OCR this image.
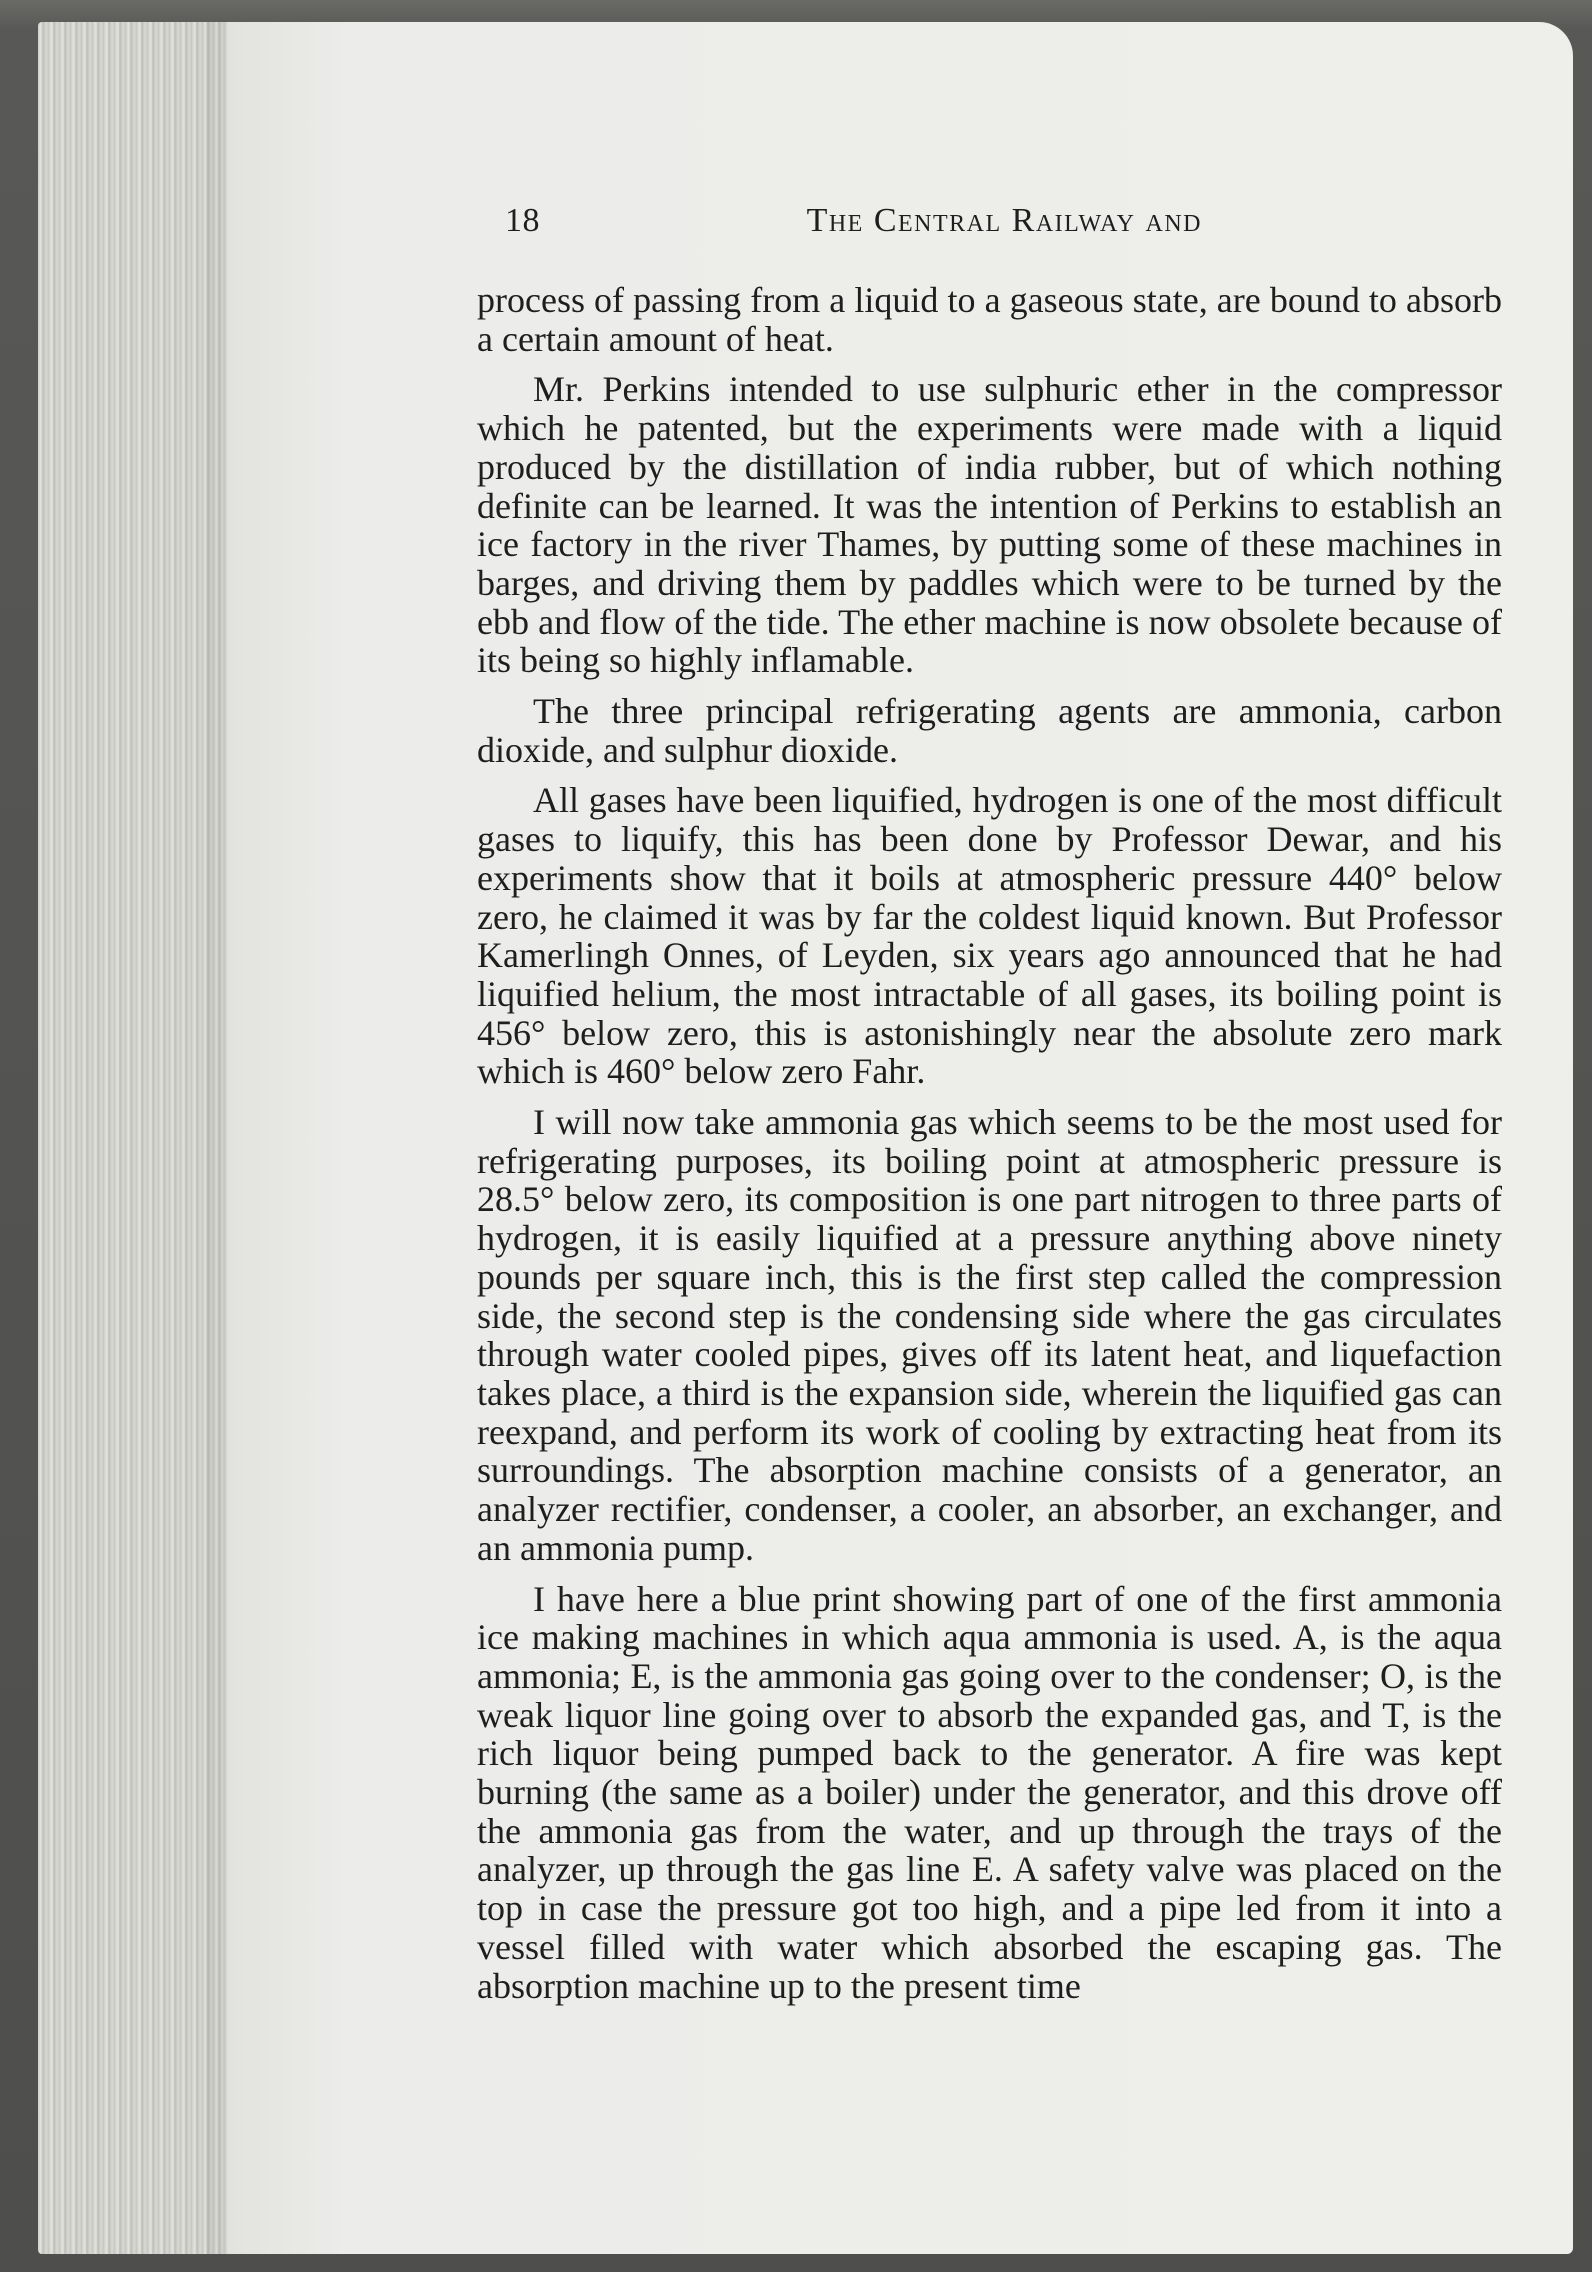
18	The Central Railway and

process of passing from a liquid to a gaseous state, are bound to absorb a certain amount of heat.

Mr. Perkins intended to use sulphuric ether in the compressor which he patented, but the experiments were made with a liquid produced by the distillation of india rubber, but of which nothing definite can be learned. It was the intention of Perkins to establish an ice factory in the river Thames, by putting some of these machines in barges, and driving them by paddles which were to be turned by the ebb and flow of the tide. The ether machine is now obsolete because of its being so highly inflamable.

The three principal refrigerating agents are ammonia, carbon dioxide, and sulphur dioxide.

All gases have been liquified, hydrogen is one of the most difficult gases to liquify, this has been done by Professor Dewar, and his experiments show that it boils at atmospheric pressure 440° below zero, he claimed it was by far the coldest liquid known. But Professor Kamerlingh Onnes, of Leyden, six years ago announced that he had liquified helium, the most intractable of all gases, its boiling point is 456° below zero, this is astonishingly near the absolute zero mark which is 460° below zero Fahr.

I will now take ammonia gas which seems to be the most used for refrigerating purposes, its boiling point at atmospheric pressure is 28.5° below zero, its composition is one part nitrogen to three parts of hydrogen, it is easily liquified at a pressure anything above ninety pounds per square inch, this is the first step called the compression side, the second step is the condensing side where the gas circulates through water cooled pipes, gives off its latent heat, and liquefaction takes place, a third is the expansion side, wherein the liquified gas can reexpand, and perform its work of cooling by extracting heat from its surroundings. The absorption machine consists of a generator, an analyzer rectifier, condenser, a cooler, an absorber, an exchanger, and an ammonia pump.

I have here a blue print showing part of one of the first ammonia ice making machines in which aqua ammonia is used. A, is the aqua ammonia; E, is the ammonia gas going over to the condenser; O, is the weak liquor line going over to absorb the expanded gas, and T, is the rich liquor being pumped back to the generator. A fire was kept burning (the same as a boiler) under the generator, and this drove off the ammonia gas from the water, and up through the trays of the analyzer, up through the gas line E. A safety valve was placed on the top in case the pressure got too high, and a pipe led from it into a vessel filled with water which absorbed the escaping gas. The absorption machine up to the present time
